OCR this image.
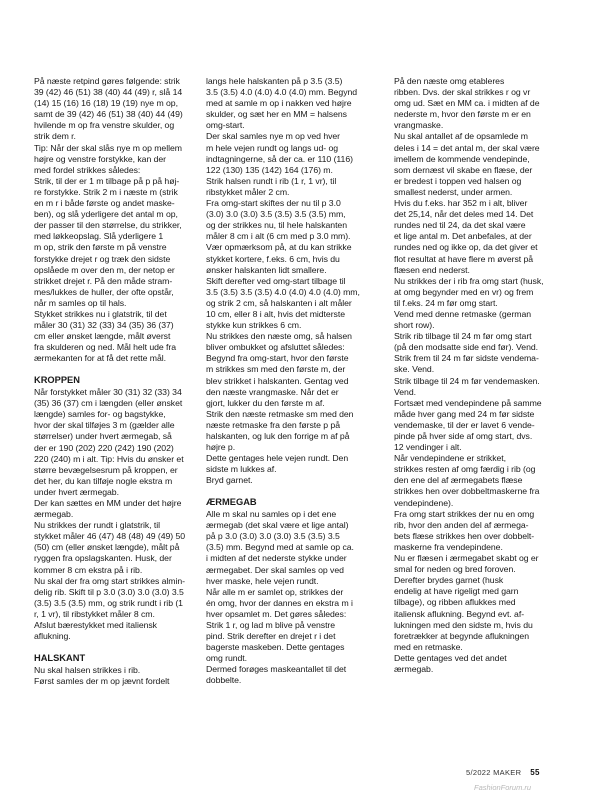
På næste retpind gøres følgende: strik
39 (42) 46 (51) 38 (40) 44 (49) r, slå 14
(14) 15 (16) 16 (18) 19 (19) nye m op,
samt de 39 (42) 46 (51) 38 (40) 44 (49)
hvilende m op fra venstre skulder, og
strik dem r.
Tip: Når der skal slås nye m op mellem
højre og venstre forstykke, kan der
med fordel strikkes således:
Strik, til der er 1 m tilbage på p på høj-
re forstykke. Strik 2 m i næste m (strik
en m r i både første og andet maske-
ben), og slå yderligere det antal m op,
der passer til den størrelse, du strikker,
med løkkeopslag. Slå yderligere 1
m op, strik den første m på venstre
forstykke drejet r og træk den sidste
opslåede m over den m, der netop er
strikket drejet r. På den måde stram-
mes/lukkes de huller, der ofte opstår,
når m samles op til hals.
Stykket strikkes nu i glatstrik, til det
måler 30 (31) 32 (33) 34 (35) 36 (37)
cm eller ønsket længde, målt øverst
fra skulderen og ned. Mål helt ude fra
ærmekanten for at få det rette mål.

KROPPEN

Når forstykket måler 30 (31) 32 (33) 34
(35) 36 (37) cm i længden (eller ønsket
længde) samles for- og bagstykke,
hvor der skal tilføjes 3 m (gælder alle
størrelser) under hvert ærmegab, så
der er 190 (202) 220 (242) 190 (202)
220 (240) m i alt. Tip: Hvis du ønsker et
større bevægelsesrum på kroppen, er
det her, du kan tilføje nogle ekstra m
under hvert ærmegab.
Der kan sættes en MM under det højre
ærmegab.
Nu strikkes der rundt i glatstrik, til
stykket måler 46 (47) 48 (48) 49 (49) 50
(50) cm (eller ønsket længde), målt på
ryggen fra opslagskanten. Husk, der
kommer 8 cm ekstra på i rib.
Nu skal der fra omg start strikkes almin-
delig rib. Skift til p 3.0 (3.0) 3.0 (3.0) 3.5
(3.5) 3.5 (3.5) mm, og strik rundt i rib (1
r, 1 vr), til ribstykket måler 8 cm.
Afslut bærestykket med italiensk
aflukning.

HALSKANT

Nu skal halsen strikkes i rib.
Først samles der m op jævnt fordelt

langs hele halskanten på p 3.5 (3.5)
3.5 (3.5) 4.0 (4.0) 4.0 (4.0) mm. Begynd
med at samle m op i nakken ved højre
skulder, og sæt her en MM = halsens
omg-start.
Der skal samles nye m op ved hver
m hele vejen rundt og langs ud- og
indtagningerne, så der ca. er 110 (116)
122 (130) 135 (142) 164 (176) m.
Strik halsen rundt i rib (1 r, 1 vr), til
ribstykket måler 2 cm.
Fra omg-start skiftes der nu til p 3.0
(3.0) 3.0 (3.0) 3.5 (3.5) 3.5 (3.5) mm,
og der strikkes nu, til hele halskanten
måler 8 cm i alt (6 cm med p 3.0 mm).
Vær opmærksom på, at du kan strikke
stykket kortere, f.eks. 6 cm, hvis du
ønsker halskanten lidt smallere.
Skift derefter ved omg-start tilbage til
3.5 (3.5) 3.5 (3.5) 4.0 (4.0) 4.0 (4.0) mm,
og strik 2 cm, så halskanten i alt måler
10 cm, eller 8 i alt, hvis det midterste
stykke kun strikkes 6 cm.
Nu strikkes den næste omg, så halsen
bliver ombukket og afsluttet således:
Begynd fra omg-start, hvor den første
m strikkes sm med den første m, der
blev strikket i halskanten. Gentag ved
den næste vrangmaske. Når det er
gjort, lukker du den første m af.
Strik den næste retmaske sm med den
næste retmaske fra den første p på
halskanten, og luk den forrige m af på
højre p.
Dette gentages hele vejen rundt. Den
sidste m lukkes af.
Bryd garnet.

ÆRMEGAB

Alle m skal nu samles op i det ene
ærmegab (det skal være et lige antal)
på p 3.0 (3.0) 3.0 (3.0) 3.5 (3.5) 3.5
(3.5) mm. Begynd med at samle op ca.
i midten af det nederste stykke under
ærmegabet. Der skal samles op ved
hver maske, hele vejen rundt.
Når alle m er samlet op, strikkes der
én omg, hvor der dannes en ekstra m i
hver opsamlet m. Det gøres således:
Strik 1 r, og lad m blive på venstre
pind. Strik derefter en drejet r i det
bagerste maskeben. Dette gentages
omg rundt.
Dermed forøges maskeantallet til det
dobbelte.

På den næste omg etableres
ribben. Dvs. der skal strikkes r og vr
omg ud. Sæt en MM ca. i midten af de
nederste m, hvor den første m er en
vrangmaske.
Nu skal antallet af de opsamlede m
deles i 14 = det antal m, der skal være
imellem de kommende vendepinde,
som dernæst vil skabe en flæse, der
er bredest i toppen ved halsen og
smallest nederst, under armen.
Hvis du f.eks. har 352 m i alt, bliver
det 25,14, når det deles med 14. Det
rundes ned til 24, da det skal være
et lige antal m. Det anbefales, at der
rundes ned og ikke op, da det giver et
flot resultat at have flere m øverst på
flæsen end nederst.
Nu strikkes der i rib fra omg start (husk,
at omg begynder med en vr) og frem
til f.eks. 24 m før omg start.
Vend med denne retmaske (german
short row).
Strik rib tilbage til 24 m før omg start
(på den modsatte side end før). Vend.
Strik frem til 24 m før sidste vendema-
ske. Vend.
Strik tilbage til 24 m før vendemasken.
Vend.
Fortsæt med vendepindene på samme
måde hver gang med 24 m før sidste
vendemaske, til der er lavet 6 vende-
pinde på hver side af omg start, dvs.
12 vendinger i alt.
Når vendepindene er strikket,
strikkes resten af omg færdig i rib (og
den ene del af ærmegabets flæse
strikkes hen over dobbeltmaskerne fra
vendepindene).
Fra omg start strikkes der nu en omg
rib, hvor den anden del af ærmega-
bets flæse strikkes hen over dobbelt-
maskerne fra vendepindene.
Nu er flæsen i ærmegabet skabt og er
smal for neden og bred foroven.
Derefter brydes garnet (husk
endelig at have rigeligt med garn
tilbage), og ribben aflukkes med
italiensk aflukning. Begynd evt. af-
lukningen med den sidste m, hvis du
foretrækker at begynde aflukningen
med en retmaske.
Dette gentages ved det andet
ærmegab.

5/2022 MAKER 55
FashionForum.ru
